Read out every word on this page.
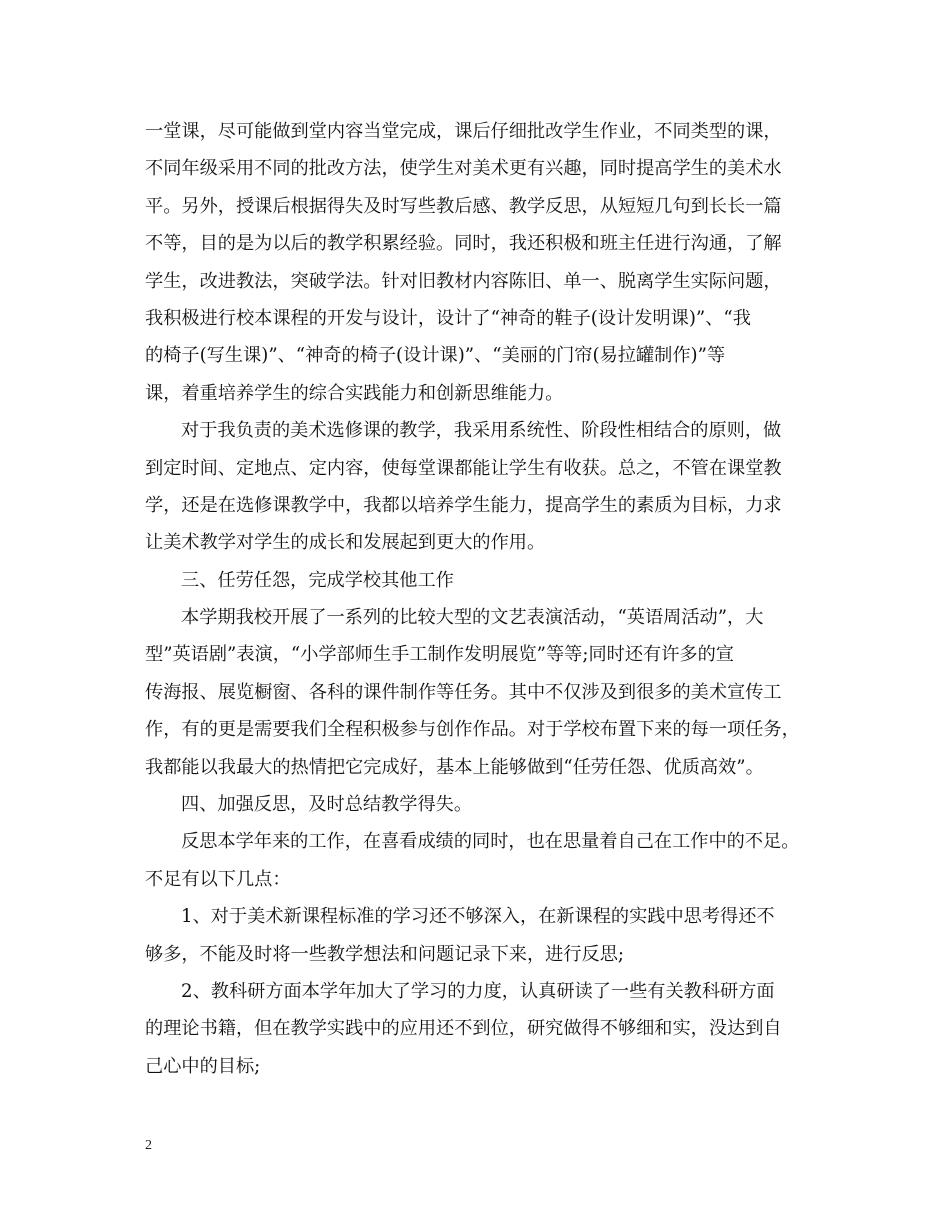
一堂课，尽可能做到堂内容当堂完成，课后仔细批改学生作业，不同类型的课，
不同年级采用不同的批改方法，使学生对美术更有兴趣，同时提高学生的美术水
平。另外，授课后根据得失及时写些教后感、教学反思，从短短几句到长长一篇
不等，目的是为以后的教学积累经验。同时，我还积极和班主任进行沟通，了解
学生，改进教法，突破学法。针对旧教材内容陈旧、单一、脱离学生实际问题，
我积极进行校本课程的开发与设计，设计了“神奇的鞋子(设计发明课)”、“我
的椅子(写生课)”、“神奇的椅子(设计课)”、“美丽的门帘(易拉罐制作)”等
课，着重培养学生的综合实践能力和创新思维能力。
对于我负责的美术选修课的教学，我采用系统性、阶段性相结合的原则，做
到定时间、定地点、定内容，使每堂课都能让学生有收获。总之，不管在课堂教
学，还是在选修课教学中，我都以培养学生能力，提高学生的素质为目标，力求
让美术教学对学生的成长和发展起到更大的作用。
三、任劳任怨，完成学校其他工作
本学期我校开展了一系列的比较大型的文艺表演活动，“英语周活动”，大
型”英语剧”表演，“小学部师生手工制作发明展览”等等;同时还有许多的宣
传海报、展览橱窗、各科的课件制作等任务。其中不仅涉及到很多的美术宣传工
作，有的更是需要我们全程积极参与创作作品。对于学校布置下来的每一项任务，
我都能以我最大的热情把它完成好，基本上能够做到“任劳任怨、优质高效”。
四、加强反思，及时总结教学得失。
反思本学年来的工作，在喜看成绩的同时，也在思量着自己在工作中的不足。
不足有以下几点：
1、对于美术新课程标准的学习还不够深入，在新课程的实践中思考得还不
够多，不能及时将一些教学想法和问题记录下来，进行反思;
2、教科研方面本学年加大了学习的力度，认真研读了一些有关教科研方面
的理论书籍，但在教学实践中的应用还不到位，研究做得不够细和实，没达到自
己心中的目标;
2
